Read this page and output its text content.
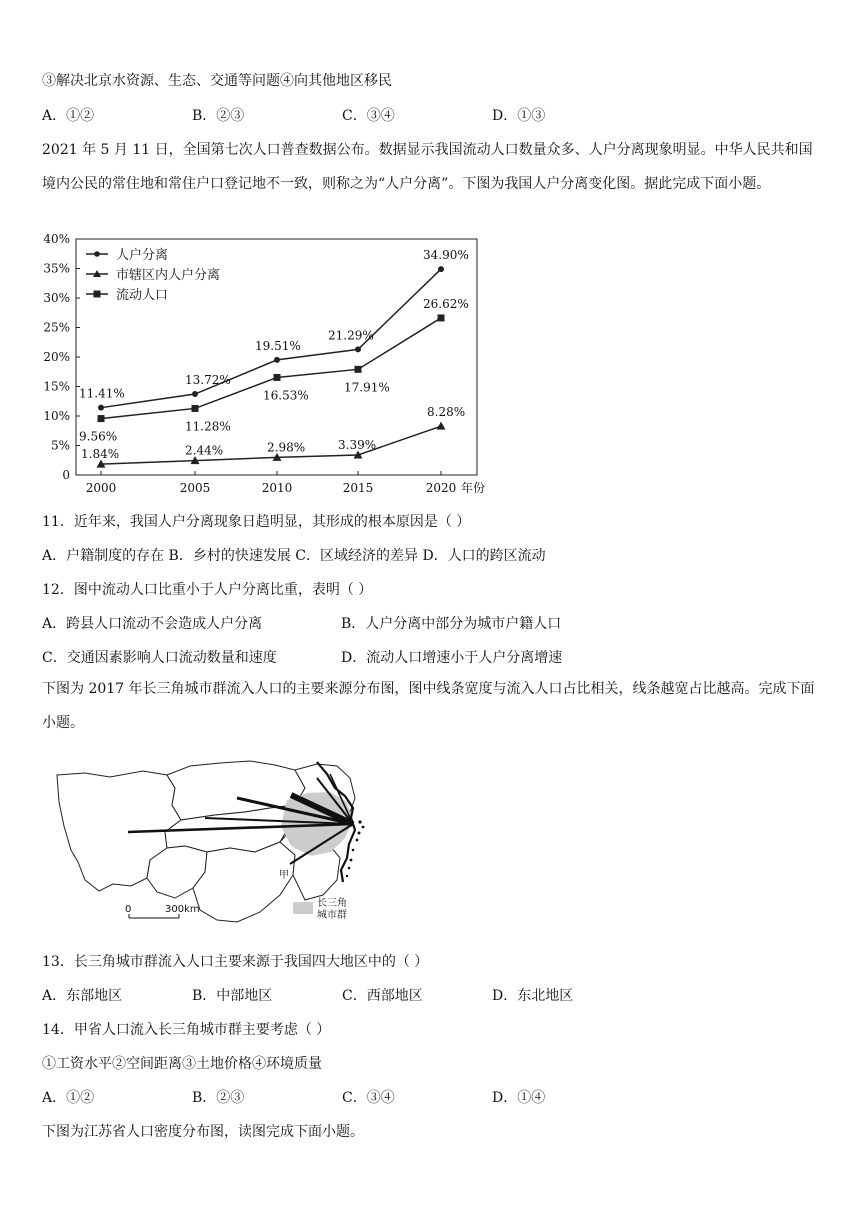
③解决北京水资源、生态、交通等问题④向其他地区移民
A．①②	B．②③	C．③④	D．①③
2021 年 5 月 11 日，全国第七次人口普查数据公布。数据显示我国流动人口数量众多、人户分离现象明显。中华人民共和国境内公民的常住地和常住户口登记地不一致，则称之为“人户分离”。下图为我国人户分离变化图。据此完成下面小题。
0
5%
10%
15%
20%
25%
30%
35%
40%
2000	2005	2010	2015	2020 年份
11.41%
13.72%
19.51%
21.29%
34.90%
1.84%	2.44%	2.98%	3.39%
8.28%
9.56%
11.28%
16.53%
17.91%
26.62%
人户分离
市辖区内人户分离
流动人口
11．近年来，我国人户分离现象日趋明显，其形成的根本原因是（ ）
A．户籍制度的存在 B．乡村的快速发展 C．区域经济的差异 D．人口的跨区流动
12．图中流动人口比重小于人户分离比重，表明（ ）
A．跨县人口流动不会造成人户分离	B．人户分离中部分为城市户籍人口
C．交通因素影响人口流动数量和速度	D．流动人口增速小于人户分离增速
下图为 2017 年长三角城市群流入人口的主要来源分布图，图中线条宽度与流入人口占比相关，线条越宽占比越高。完成下面小题。
甲
0	300km
长三角
城市群
13．长三角城市群流入人口主要来源于我国四大地区中的（ ）
A．东部地区	B．中部地区	C．西部地区	D．东北地区
14．甲省人口流入长三角城市群主要考虑（ ）
①工资水平②空间距离③土地价格④环境质量
A．①②	B．②③	C．③④	D．①④
下图为江苏省人口密度分布图，读图完成下面小题。
